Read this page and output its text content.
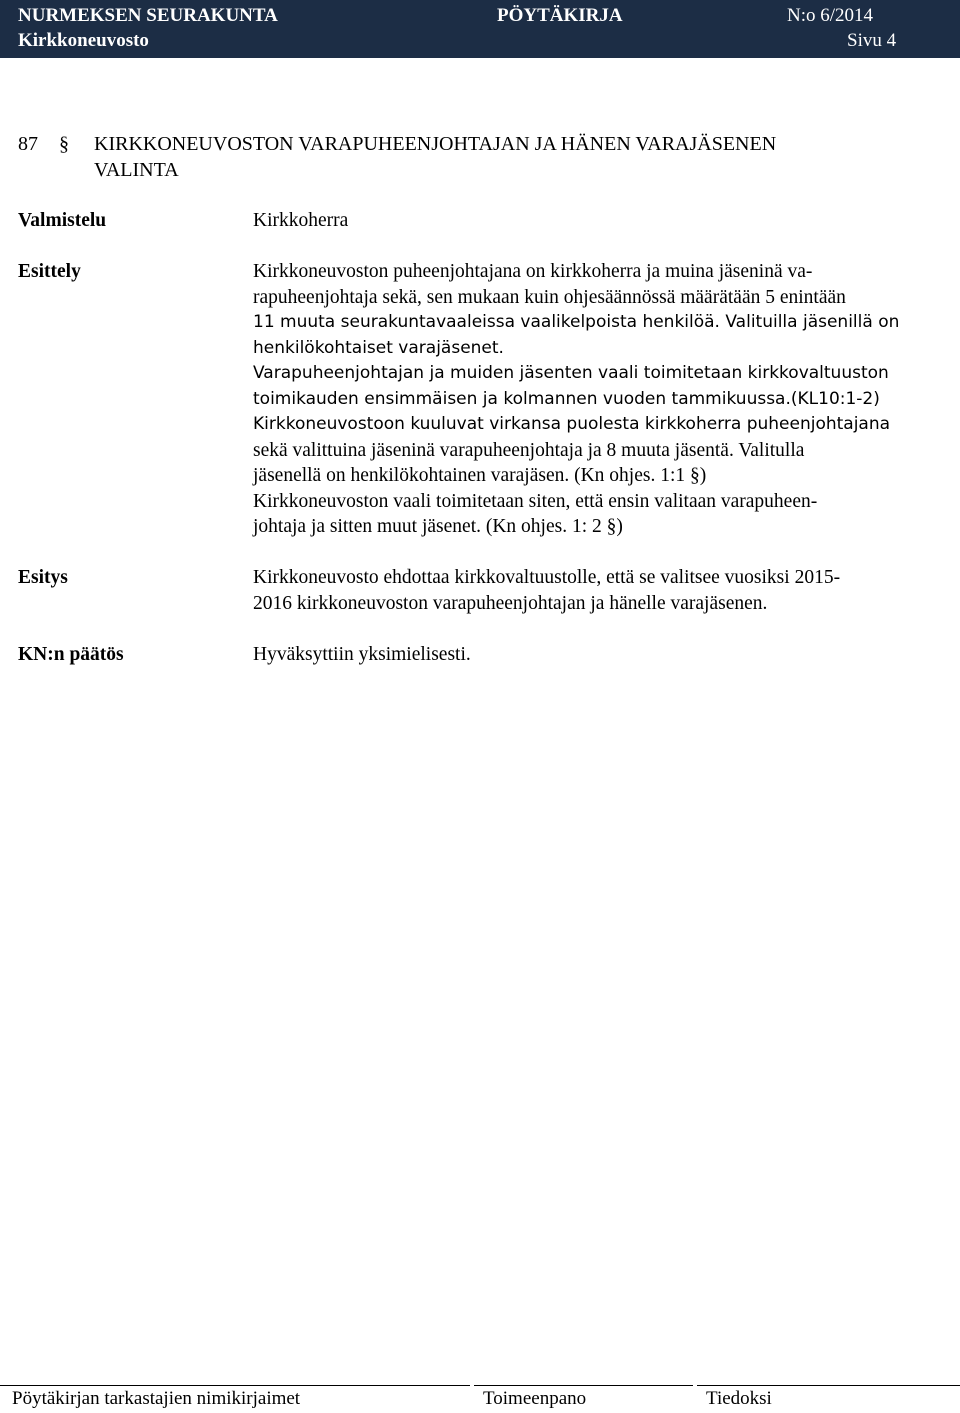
NURMEKSEN SEURAKUNTA	PÖYTÄKIRJA	N:o 6/2014
Kirkkoneuvosto	Sivu 4
87 § KIRKKONEUVOSTON VARAPUHEENJOHTAJAN JA HÄNEN VARAJÄSENEN
VALINTA
Valmistelu	Kirkkoherra
Esittely	Kirkkoneuvoston puheenjohtajana on kirkkoherra ja muina jäseninä va-
rapuheenjohtaja sekä, sen mukaan kuin ohjesäännössä määrätään 5 enintään
11 muuta seurakuntavaaleissa vaalikelpoista henkilöä. Valituilla jäsenillä on
henkilökohtaiset varajäsenet.
Varapuheenjohtajan ja muiden jäsenten vaali toimitetaan kirkkovaltuuston
toimikauden ensimmäisen ja kolmannen vuoden tammikuussa.(KL10:1-2)
Kirkkoneuvostoon kuuluvat virkansa puolesta kirkkoherra puheenjohtajana
sekä valittuina jäseninä varapuheenjohtaja ja 8 muuta jäsentä. Valitulla
jäsenellä on henkilökohtainen varajäsen. (Kn ohjes. 1:1 §)
Kirkkoneuvoston vaali toimitetaan siten, että ensin valitaan varapuheen-
johtaja ja sitten muut jäsenet. (Kn ohjes. 1: 2 §)
Esitys	Kirkkoneuvosto ehdottaa kirkkovaltuustolle, että se valitsee vuosiksi 2015-
2016 kirkkoneuvoston varapuheenjohtajan ja hänelle varajäsenen.
KN:n päätös	Hyväksyttiin yksimielisesti.
Pöytäkirjan tarkastajien nimikirjaimet	Toimeenpano	Tiedoksi
